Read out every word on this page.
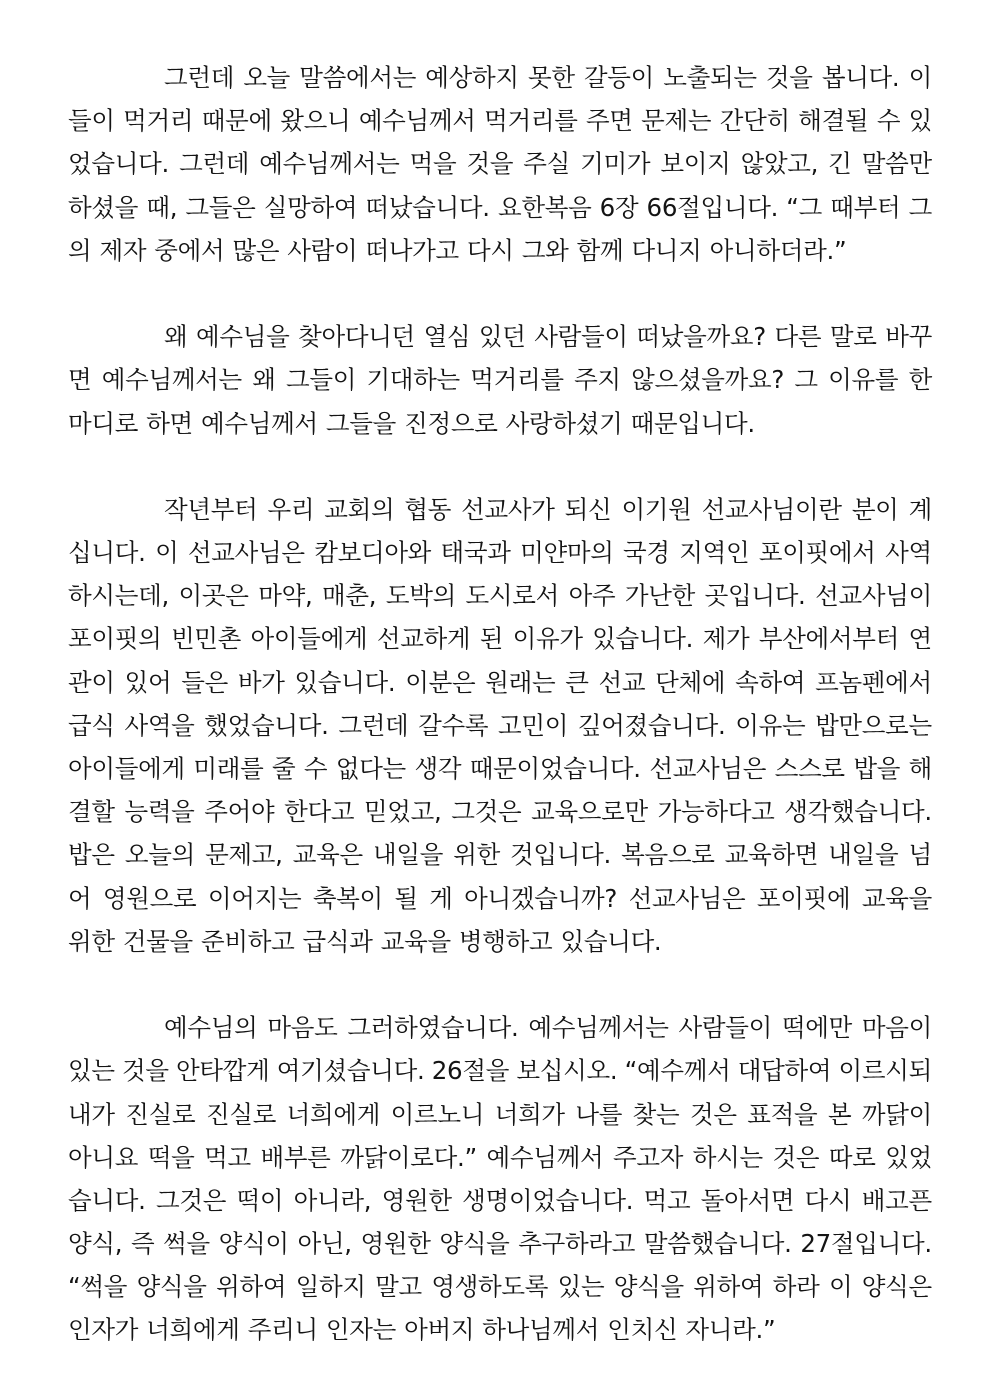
그런데 오늘 말씀에서는 예상하지 못한 갈등이 노출되는 것을 봅니다. 이
들이 먹거리 때문에 왔으니 예수님께서 먹거리를 주면 문제는 간단히 해결될 수 있
었습니다. 그런데 예수님께서는 먹을 것을 주실 기미가 보이지 않았고, 긴 말씀만
하셨을 때, 그들은 실망하여 떠났습니다. 요한복음 6장 66절입니다. “그 때부터 그
의 제자 중에서 많은 사람이 떠나가고 다시 그와 함께 다니지 아니하더라.”
왜 예수님을 찾아다니던 열심 있던 사람들이 떠났을까요? 다른 말로 바꾸
면 예수님께서는 왜 그들이 기대하는 먹거리를 주지 않으셨을까요? 그 이유를 한
마디로 하면 예수님께서 그들을 진정으로 사랑하셨기 때문입니다.
작년부터 우리 교회의 협동 선교사가 되신 이기원 선교사님이란 분이 계
십니다. 이 선교사님은 캄보디아와 태국과 미얀마의 국경 지역인 포이핏에서 사역
하시는데, 이곳은 마약, 매춘, 도박의 도시로서 아주 가난한 곳입니다. 선교사님이
포이핏의 빈민촌 아이들에게 선교하게 된 이유가 있습니다. 제가 부산에서부터 연
관이 있어 들은 바가 있습니다. 이분은 원래는 큰 선교 단체에 속하여 프놈펜에서
급식 사역을 했었습니다. 그런데 갈수록 고민이 깊어졌습니다. 이유는 밥만으로는
아이들에게 미래를 줄 수 없다는 생각 때문이었습니다. 선교사님은 스스로 밥을 해
결할 능력을 주어야 한다고 믿었고, 그것은 교육으로만 가능하다고 생각했습니다.
밥은 오늘의 문제고, 교육은 내일을 위한 것입니다. 복음으로 교육하면 내일을 넘
어 영원으로 이어지는 축복이 될 게 아니겠습니까? 선교사님은 포이핏에 교육을
위한 건물을 준비하고 급식과 교육을 병행하고 있습니다.
예수님의 마음도 그러하였습니다. 예수님께서는 사람들이 떡에만 마음이
있는 것을 안타깝게 여기셨습니다. 26절을 보십시오. “예수께서 대답하여 이르시되
내가 진실로 진실로 너희에게 이르노니 너희가 나를 찾는 것은 표적을 본 까닭이
아니요 떡을 먹고 배부른 까닭이로다.” 예수님께서 주고자 하시는 것은 따로 있었
습니다. 그것은 떡이 아니라, 영원한 생명이었습니다. 먹고 돌아서면 다시 배고픈
양식, 즉 썩을 양식이 아닌, 영원한 양식을 추구하라고 말씀했습니다. 27절입니다.
“썩을 양식을 위하여 일하지 말고 영생하도록 있는 양식을 위하여 하라 이 양식은
인자가 너희에게 주리니 인자는 아버지 하나님께서 인치신 자니라.”
